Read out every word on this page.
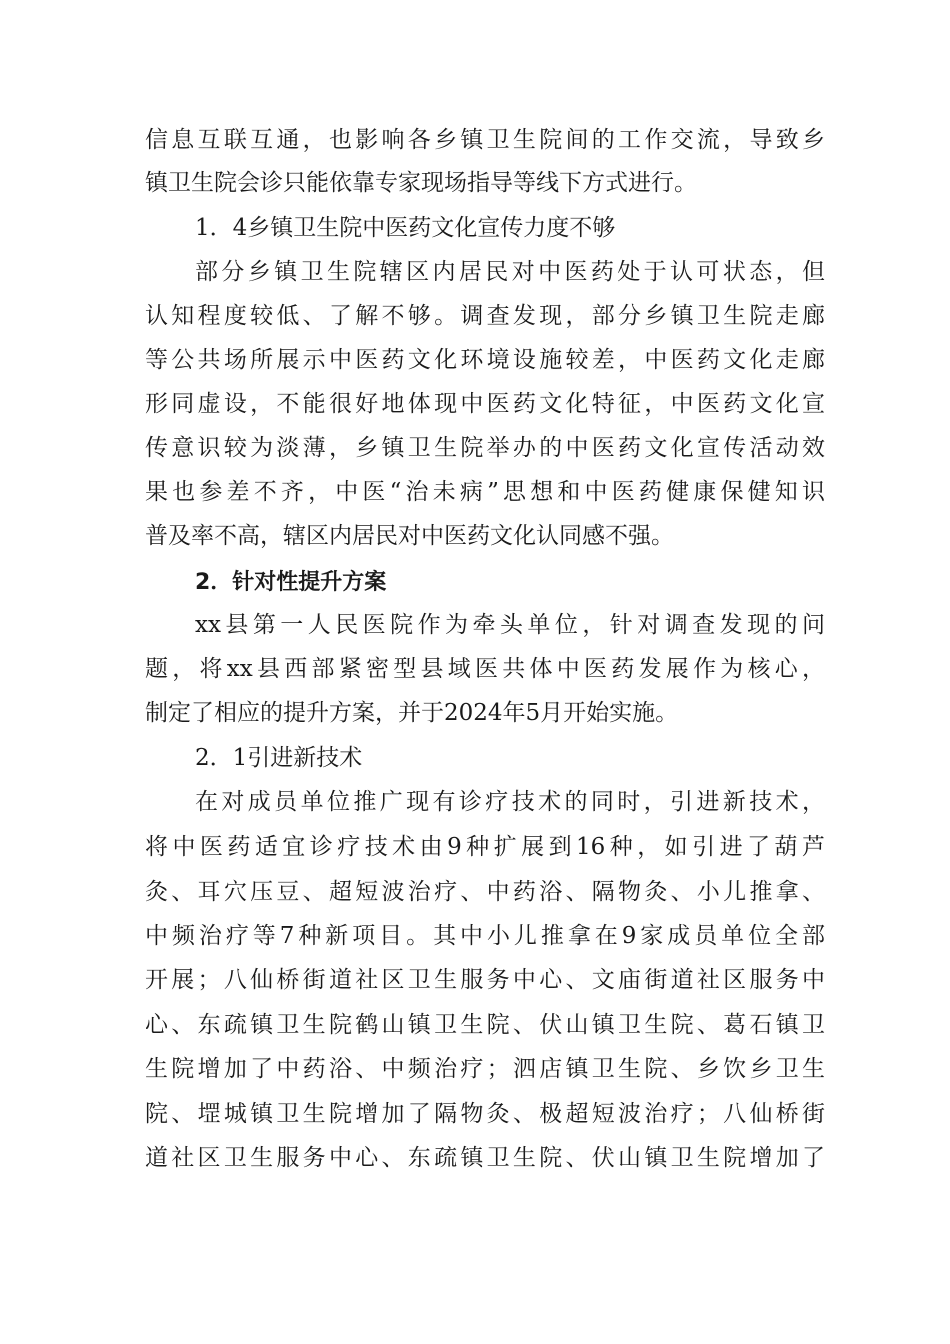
信息互联互通，也影响各乡镇卫生院间的工作交流，导致乡
镇卫生院会诊只能依靠专家现场指导等线下方式进行。
1．4乡镇卫生院中医药文化宣传力度不够
部分乡镇卫生院辖区内居民对中医药处于认可状态，但
认知程度较低、了解不够。调查发现，部分乡镇卫生院走廊
等公共场所展示中医药文化环境设施较差，中医药文化走廊
形同虚设，不能很好地体现中医药文化特征，中医药文化宣
传意识较为淡薄，乡镇卫生院举办的中医药文化宣传活动效
果也参差不齐，中医“治未病”思想和中医药健康保健知识
普及率不高，辖区内居民对中医药文化认同感不强。
2．针对性提升方案
xx县第一人民医院作为牵头单位，针对调查发现的问
题，将xx县西部紧密型县域医共体中医药发展作为核心，
制定了相应的提升方案，并于2024年5月开始实施。
2．1引进新技术
在对成员单位推广现有诊疗技术的同时，引进新技术，
将中医药适宜诊疗技术由9种扩展到16种，如引进了葫芦
灸、耳穴压豆、超短波治疗、中药浴、隔物灸、小儿推拿、
中频治疗等7种新项目。其中小儿推拿在9家成员单位全部
开展；八仙桥街道社区卫生服务中心、文庙街道社区服务中
心、东疏镇卫生院鹤山镇卫生院、伏山镇卫生院、葛石镇卫
生院增加了中药浴、中频治疗；泗店镇卫生院、乡饮乡卫生
院、堽城镇卫生院增加了隔物灸、极超短波治疗；八仙桥街
道社区卫生服务中心、东疏镇卫生院、伏山镇卫生院增加了
